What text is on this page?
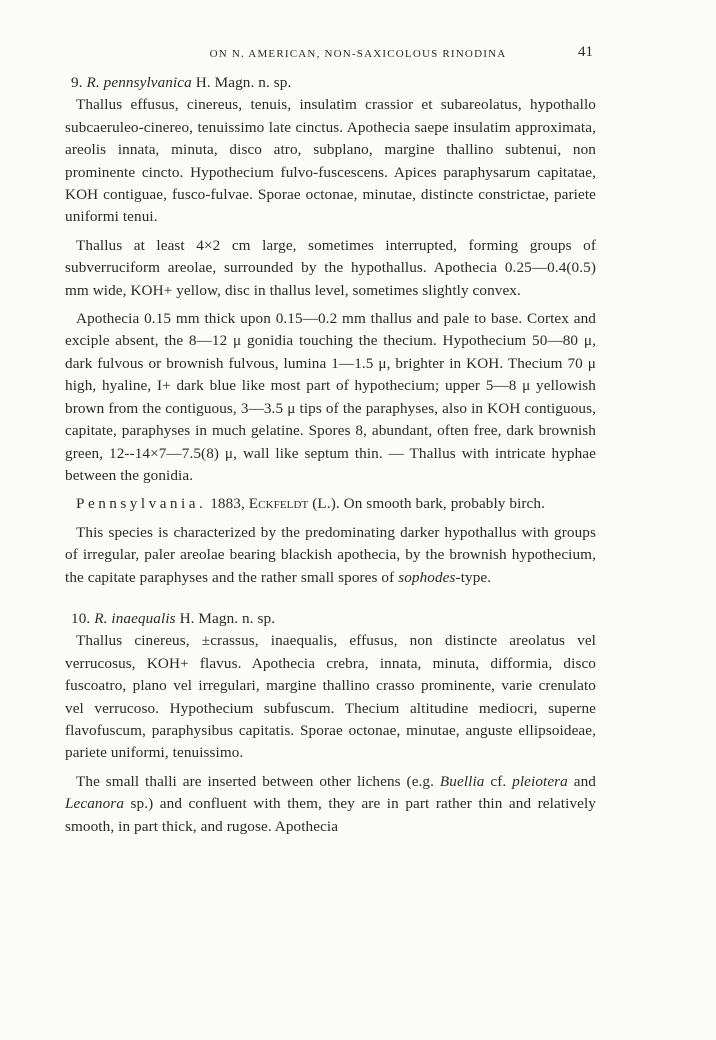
ON N. AMERICAN, NON-SAXICOLOUS RINODINA	41

9. R. pennsylvanica H. Magn. n. sp.

Thallus effusus, cinereus, tenuis, insulatim crassior et subareolatus, hypothallo subcaeruleo-cinereo, tenuissimo late cinctus. Apothecia saepe insulatim approximata, areolis innata, minuta, disco atro, subplano, margine thallino subtenui, non prominente cincto. Hypothecium fulvo-fuscescens. Apices paraphysarum capitatae, KOH contiguae, fusco-fulvae. Sporae octonae, minutae, distincte constrictae, pariete uniformi tenui.

Thallus at least 4×2 cm large, sometimes interrupted, forming groups of subverruciform areolae, surrounded by the hypothallus. Apothecia 0.25—0.4(0.5) mm wide, KOH+ yellow, disc in thallus level, sometimes slightly convex.

Apothecia 0.15 mm thick upon 0.15—0.2 mm thallus and pale to base. Cortex and exciple absent, the 8—12 μ gonidia touching the thecium. Hypothecium 50—80 μ, dark fulvous or brownish fulvous, lumina 1—1.5 μ, brighter in KOH. Thecium 70 μ high, hyaline, I+ dark blue like most part of hypothecium; upper 5—8 μ yellowish brown from the contiguous, 3—3.5 μ tips of the paraphyses, also in KOH contiguous, capitate, paraphyses in much gelatine. Spores 8, abundant, often free, dark brownish green, 12--14×7—7.5(8) μ, wall like septum thin. — Thallus with intricate hyphae between the gonidia.

Pennsylvania. 1883, Eckfeldt (L.). On smooth bark, probably birch.

This species is characterized by the predominating darker hypothallus with groups of irregular, paler areolae bearing blackish apothecia, by the brownish hypothecium, the capitate paraphyses and the rather small spores of sophodes-type.

10. R. inaequalis H. Magn. n. sp.

Thallus cinereus, ±crassus, inaequalis, effusus, non distincte areolatus vel verrucosus, KOH+ flavus. Apothecia crebra, innata, minuta, difformia, disco fuscoatro, plano vel irregulari, margine thallino crasso prominente, varie crenulato vel verrucoso. Hypothecium subfuscum. Thecium altitudine mediocri, superne flavofuscum, paraphysibus capitatis. Sporae octonae, minutae, anguste ellipsoideae, pariete uniformi, tenuissimo.

The small thalli are inserted between other lichens (e.g. Buellia cf. pleiotera and Lecanora sp.) and confluent with them, they are in part rather thin and relatively smooth, in part thick, and rugose. Apothecia
